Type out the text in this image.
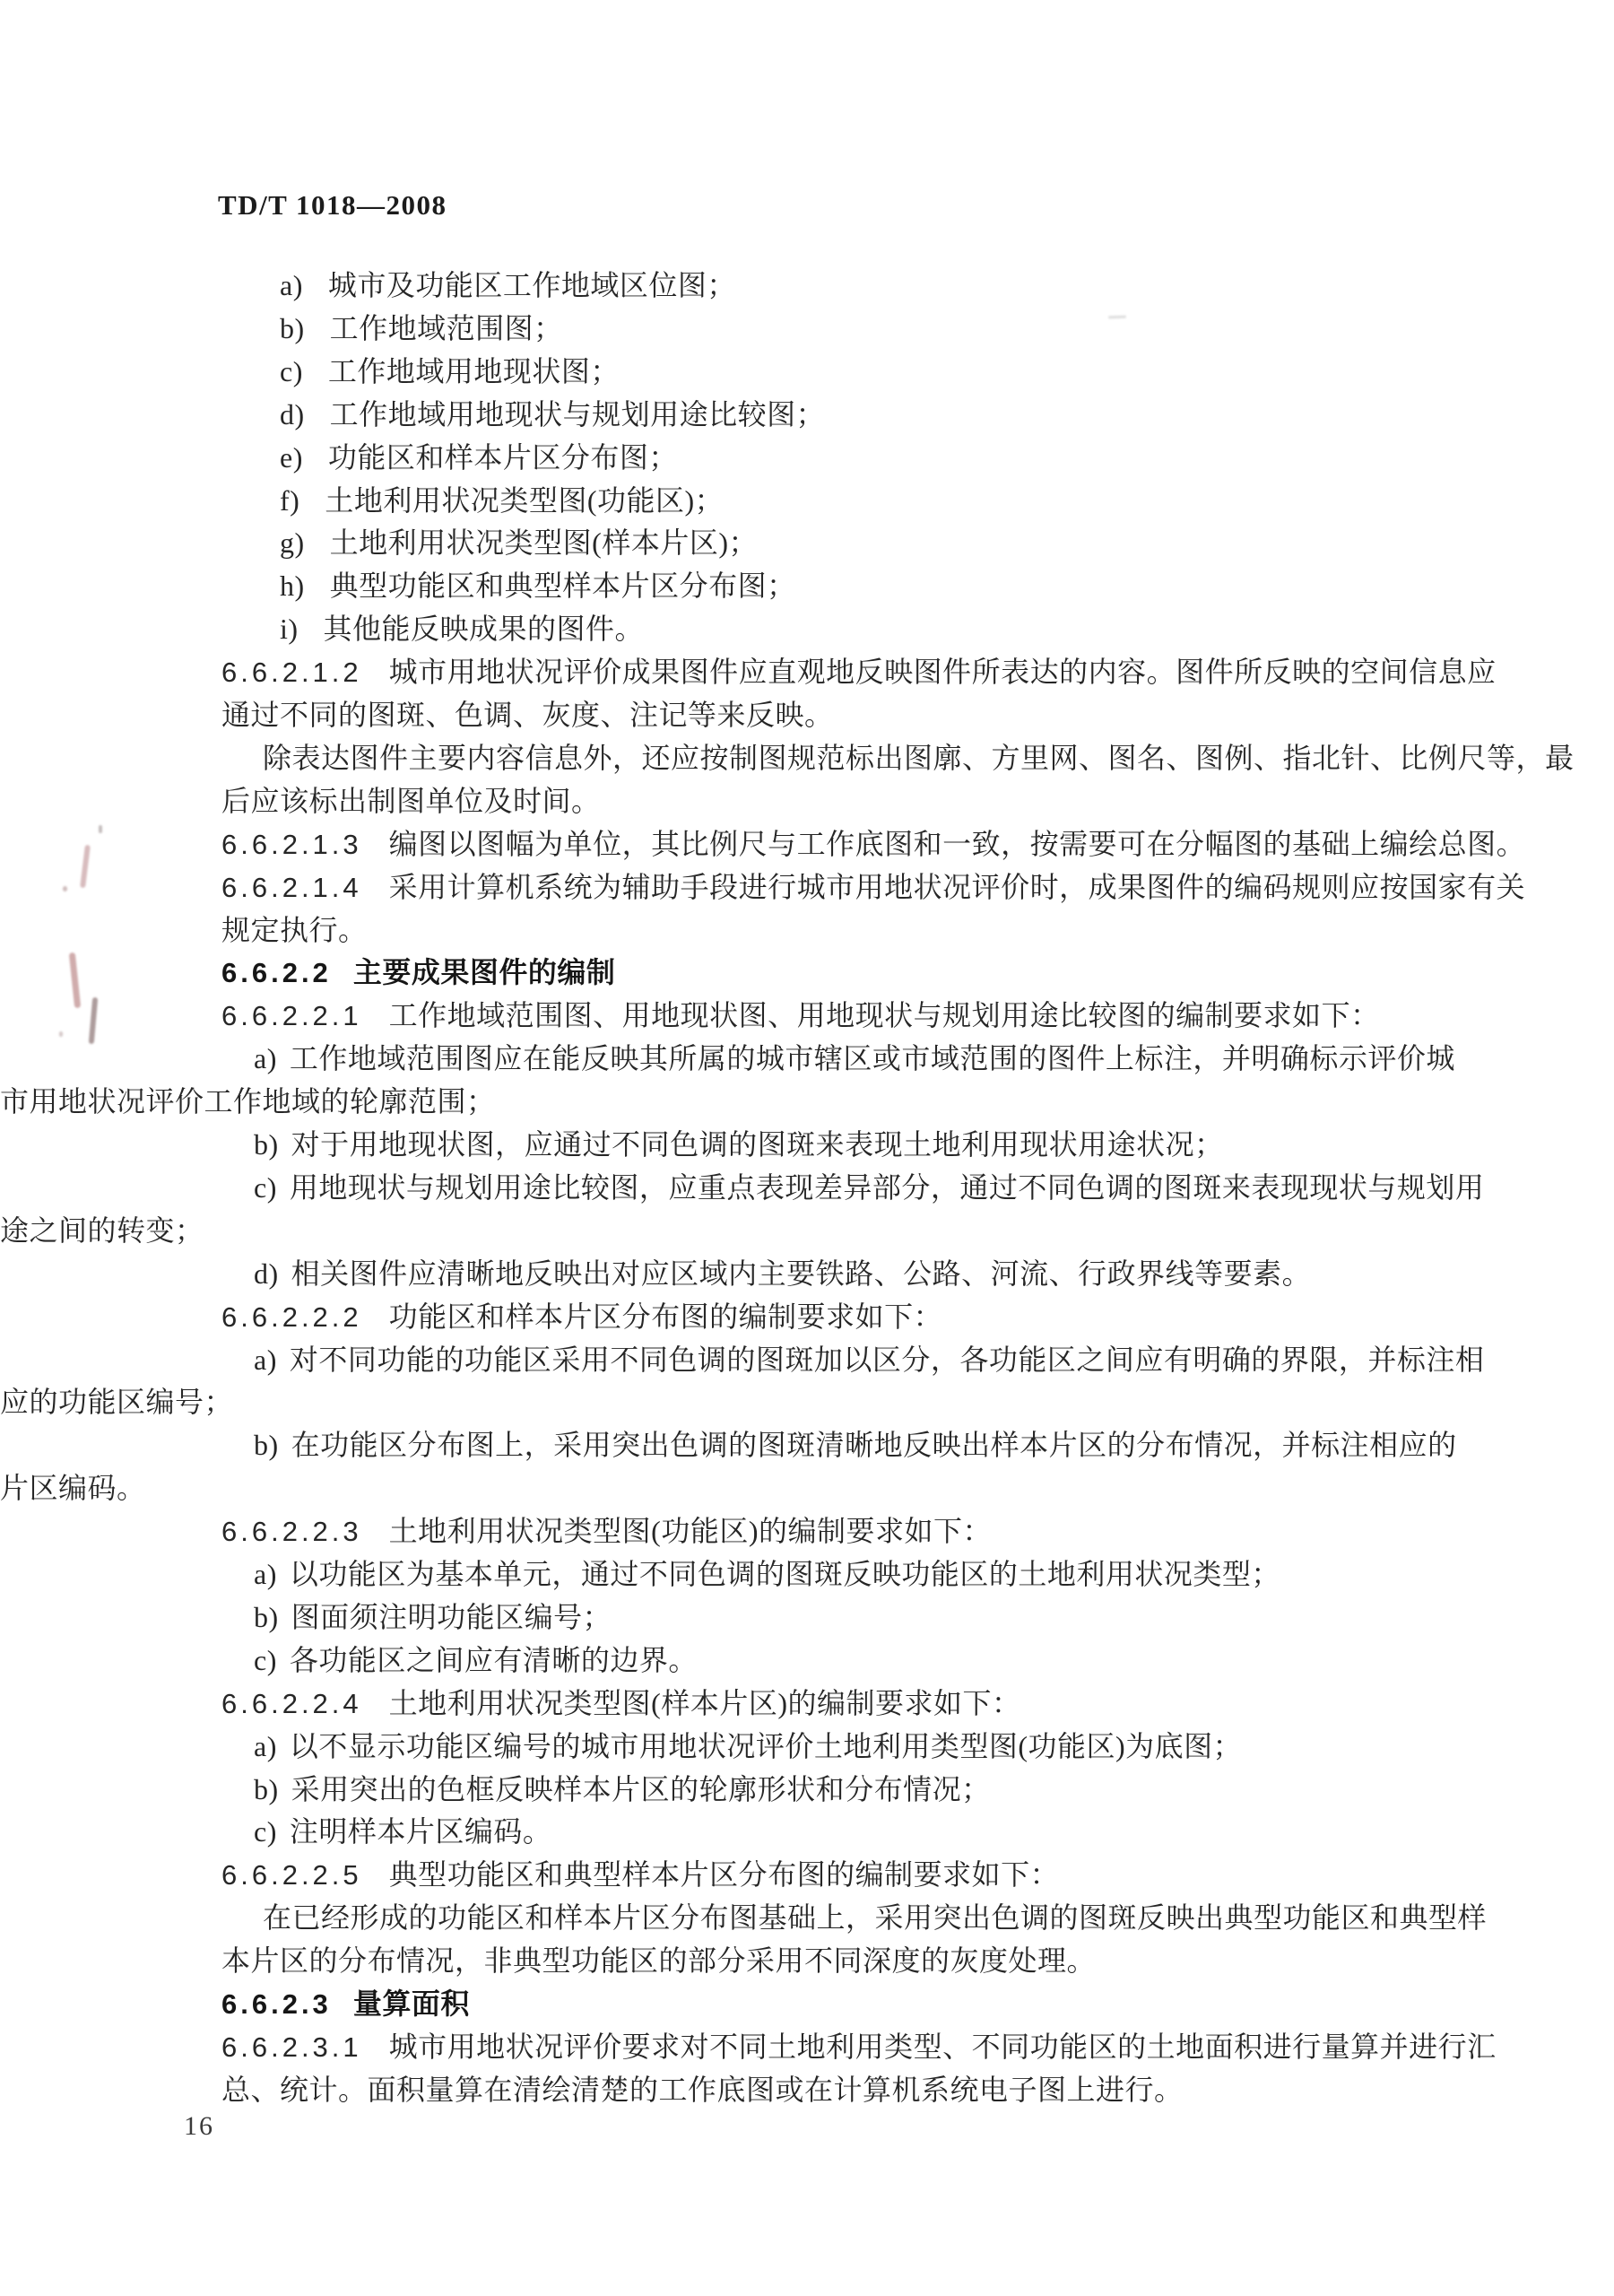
TD/T 1018—2008
a) 城市及功能区工作地域区位图；
b) 工作地域范围图；
c) 工作地域用地现状图；
d) 工作地域用地现状与规划用途比较图；
e) 功能区和样本片区分布图；
f) 土地利用状况类型图(功能区)；
g) 土地利用状况类型图(样本片区)；
h) 典型功能区和典型样本片区分布图；
i) 其他能反映成果的图件。
6.6.2.1.2 城市用地状况评价成果图件应直观地反映图件所表达的内容。图件所反映的空间信息应
通过不同的图斑、色调、灰度、注记等来反映。
除表达图件主要内容信息外，还应按制图规范标出图廓、方里网、图名、图例、指北针、比例尺等，最
后应该标出制图单位及时间。
6.6.2.1.3 编图以图幅为单位，其比例尺与工作底图和一致，按需要可在分幅图的基础上编绘总图。
6.6.2.1.4 采用计算机系统为辅助手段进行城市用地状况评价时，成果图件的编码规则应按国家有关
规定执行。
6.6.2.2 主要成果图件的编制
6.6.2.2.1 工作地域范围图、用地现状图、用地现状与规划用途比较图的编制要求如下：
a) 工作地域范围图应在能反映其所属的城市辖区或市域范围的图件上标注，并明确标示评价城
市用地状况评价工作地域的轮廓范围；
b) 对于用地现状图，应通过不同色调的图斑来表现土地利用现状用途状况；
c) 用地现状与规划用途比较图，应重点表现差异部分，通过不同色调的图斑来表现现状与规划用
途之间的转变；
d) 相关图件应清晰地反映出对应区域内主要铁路、公路、河流、行政界线等要素。
6.6.2.2.2 功能区和样本片区分布图的编制要求如下：
a) 对不同功能的功能区采用不同色调的图斑加以区分，各功能区之间应有明确的界限，并标注相
应的功能区编号；
b) 在功能区分布图上，采用突出色调的图斑清晰地反映出样本片区的分布情况，并标注相应的
片区编码。
6.6.2.2.3 土地利用状况类型图(功能区)的编制要求如下：
a) 以功能区为基本单元，通过不同色调的图斑反映功能区的土地利用状况类型；
b) 图面须注明功能区编号；
c) 各功能区之间应有清晰的边界。
6.6.2.2.4 土地利用状况类型图(样本片区)的编制要求如下：
a) 以不显示功能区编号的城市用地状况评价土地利用类型图(功能区)为底图；
b) 采用突出的色框反映样本片区的轮廓形状和分布情况；
c) 注明样本片区编码。
6.6.2.2.5 典型功能区和典型样本片区分布图的编制要求如下：
在已经形成的功能区和样本片区分布图基础上，采用突出色调的图斑反映出典型功能区和典型样
本片区的分布情况，非典型功能区的部分采用不同深度的灰度处理。
6.6.2.3 量算面积
6.6.2.3.1 城市用地状况评价要求对不同土地利用类型、不同功能区的土地面积进行量算并进行汇
总、统计。面积量算在清绘清楚的工作底图或在计算机系统电子图上进行。
16
